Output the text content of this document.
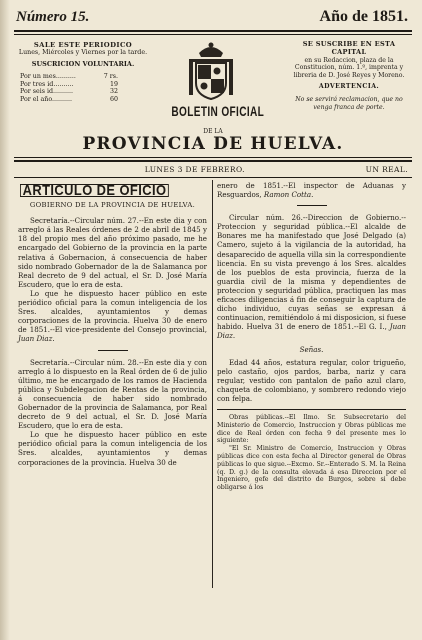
Número 15.	Año de 1851.
SALE ESTE PERIODICO
Lunes, Miércoles y Viernes por la tarde.
SUSCRICION VOLUNTARIA.
Por un mes..........	7 rs.
Por tres id..........	19
Por seis id..........	32
Por el año..........	60
BOLETIN OFICIAL
DE LA
PROVINCIA DE HUELVA.
SE SUSCRIBE EN ESTA CAPITAL
en su Redaccion, plaza de la Constitucion, núm. 1.º, imprenta y libreria de D. José Reyes y Moreno.
ADVERTENCIA.
No se servirá reclamacion, que no venga franca de porte.
LUNES 3 DE FEBRERO.	UN REAL.
ARTICULO DE OFICIO
GOBIERNO DE LA PROVINCIA DE HUELVA.

Secretaría.--Circular núm. 27.--En este dia y con arreglo á las Reales órdenes de 2 de abril de 1845 y 18 del propio mes del año próximo pasado, me he encargado del Gobierno de la provincia en la parte relativa á Gobernacion, á consecuencia de haber sido nombrado Gobernador de la de Salamanca por Real decreto de 9 del actual, el Sr. D. José María Escudero, que lo era de esta.

Lo que he dispuesto hacer público en este periódico oficial para la comun inteligencia de los Sres. alcaldes, ayuntamientos y demas corporaciones de la provincia. Huelva 30 de enero de 1851.--El vice-presidente del Consejo provincial, Juan Diaz.

Secretaría.--Circular núm. 28.--En este dia y con arreglo á lo dispuesto en la Real órden de 6 de julio último, me he encargado de los ramos de Hacienda pública y Subdelegacion de Rentas de la provincia, á consecuencia de haber sido nombrado Gobernador de la provincia de Salamanca, por Real decreto de 9 del actual, el Sr. D. José María Escudero, que lo era de esta.

Lo que he dispuesto hacer público en este periódico oficial para la comun inteligencia de los Sres. alcaldes, ayuntamientos y demas corporaciones de la provincia. Huelva 30 de

enero de 1851.--El inspector de Aduanas y Resguardos, Ramon Cotta.

Circular núm. 26.--Direccion de Gobierno.--Proteccion y seguridad pública.--El alcalde de Bonares me ha manifestado que José Delgado (a) Camero, sujeto á la vigilancia de la autoridad, ha desaparecido de aquella villa sin la correspondiente licencia. En su vista prevengo á los Sres. alcaldes de los pueblos de esta provincia, fuerza de la guardia civil de la misma y dependientes de proteccion y seguridad pública, practiquen las mas eficaces diligencias á fin de conseguir la captura de dicho individuo, cuyas señas se expresan á continuacion, remitiéndolo á mi disposicion, si fuese habido. Huelva 31 de enero de 1851.--El G. I., Juan Diaz.

Señas.

Edad 44 años, estatura regular, color trigueño, pelo castaño, ojos pardos, barba, nariz y cara regular, vestido con pantalon de paño azul claro, chaqueta de colombiano, y sombrero redondo viejo con felpa.

Obras públicas.--El Ilmo. Sr. Subsecretario del Ministerio de Comercio, Instruccion y Obras públicas me dice de Real órden con fecha 9 del presente mes lo siguiente:

"El Sr. Ministro de Comercio, Instruccion y Obras públicas dice con esta fecha al Director general de Obras públicas lo que sigue.--Excmo. Sr.--Enterado S. M. la Reina (q. D. g.) de la consulta elevada á esa Direccion por el Ingeniero, gefe del distrito de Burgos, sobre si debe obligarse á los
